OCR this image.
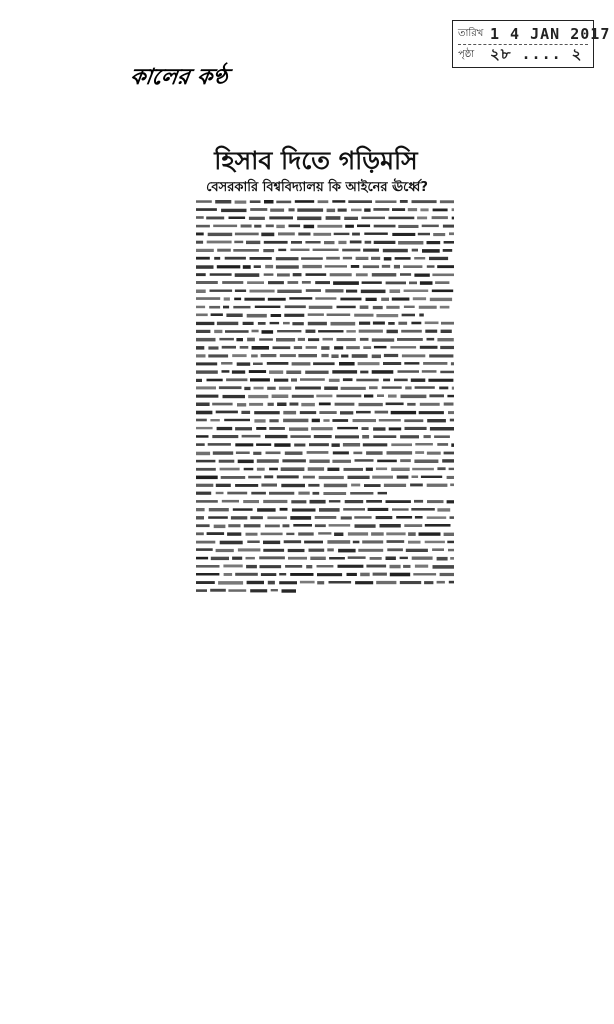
তারিখ 1 4 JAN 2017
পৃষ্ঠা	২৮ .... ২
কালের কণ্ঠ
হিসাব দিতে গড়িমসি
বেসরকারি বিশ্ববিদ্যালয় কি আইনের ঊর্ধ্বে?
